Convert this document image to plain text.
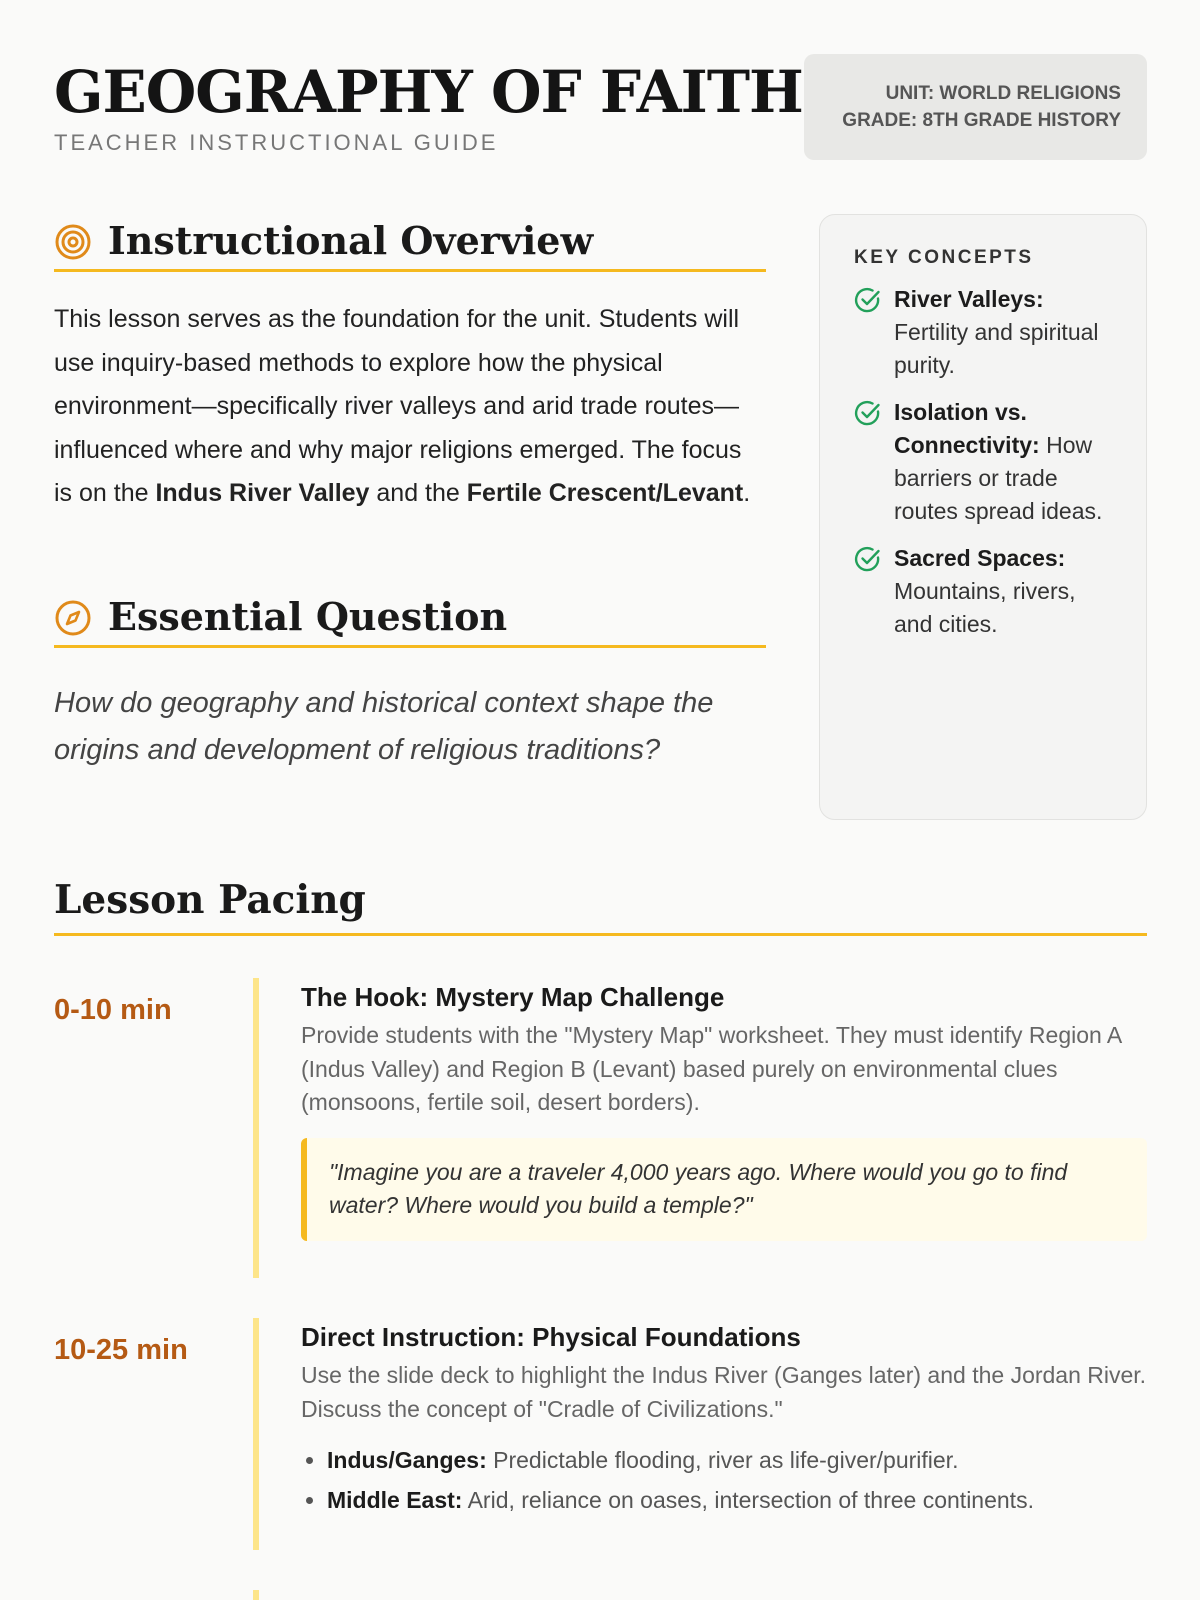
GEOGRAPHY OF FAITH
TEACHER INSTRUCTIONAL GUIDE
UNIT: WORLD RELIGIONS
GRADE: 8TH GRADE HISTORY
Instructional Overview
This lesson serves as the foundation for the unit. Students will use inquiry-based methods to explore how the physical environment—specifically river valleys and arid trade routes—influenced where and why major religions emerged. The focus is on the Indus River Valley and the Fertile Crescent/Levant.
Essential Question
How do geography and historical context shape the origins and development of religious traditions?
KEY CONCEPTS
River Valleys: Fertility and spiritual purity.
Isolation vs. Connectivity: How barriers or trade routes spread ideas.
Sacred Spaces: Mountains, rivers, and cities.
Lesson Pacing
0-10 min	The Hook: Mystery Map Challenge
Provide students with the "Mystery Map" worksheet. They must identify Region A (Indus Valley) and Region B (Levant) based purely on environmental clues (monsoons, fertile soil, desert borders).
"Imagine you are a traveler 4,000 years ago. Where would you go to find water? Where would you build a temple?"
10-25 min	Direct Instruction: Physical Foundations
Use the slide deck to highlight the Indus River (Ganges later) and the Jordan River. Discuss the concept of "Cradle of Civilizations."
• Indus/Ganges: Predictable flooding, river as life-giver/purifier.
• Middle East: Arid, reliance on oases, intersection of three continents.
